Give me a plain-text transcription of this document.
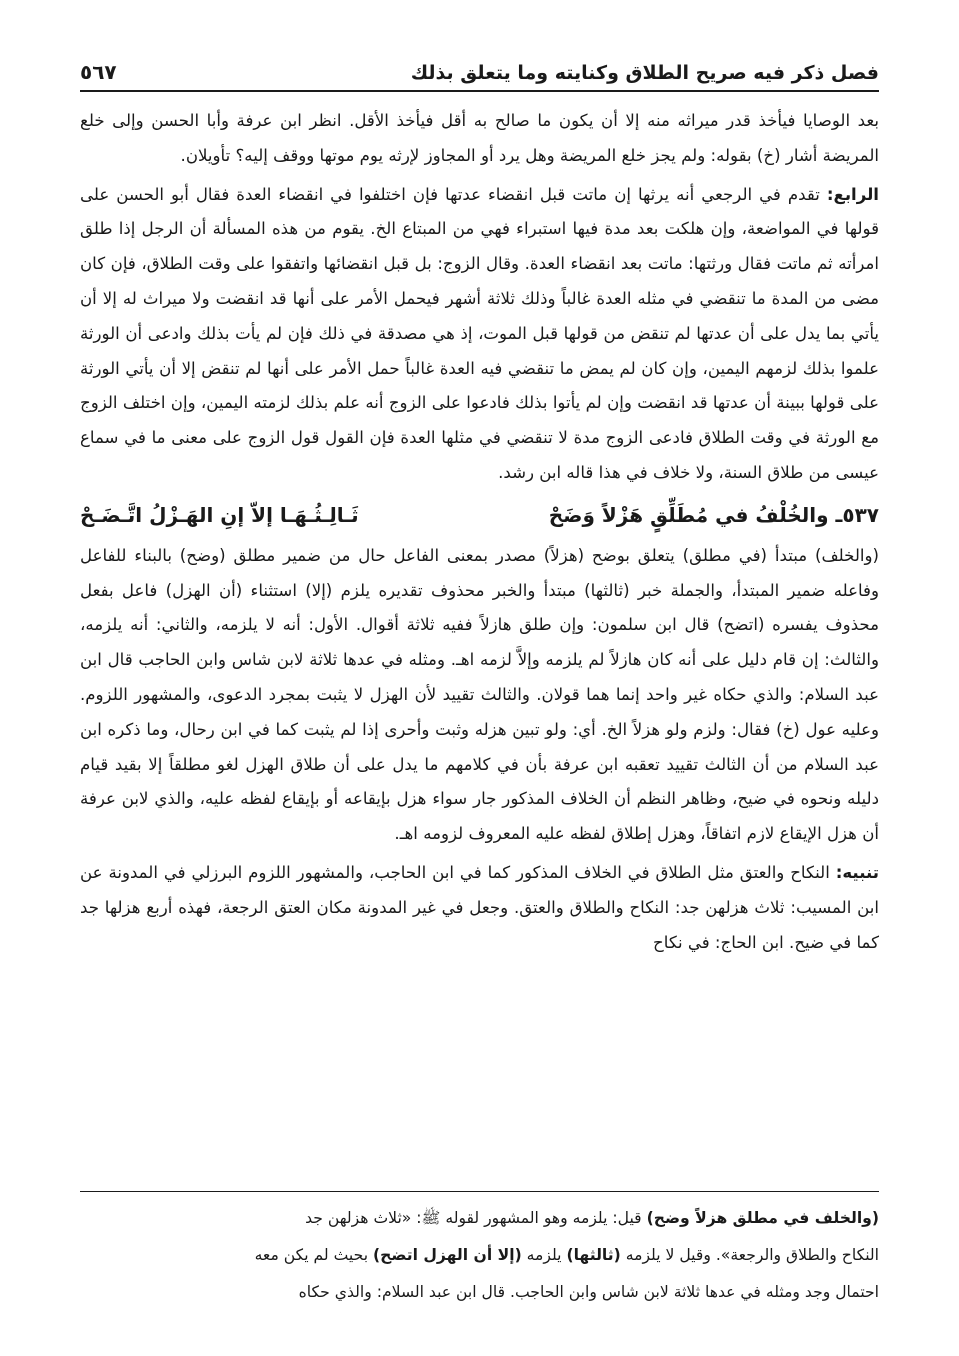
فصل ذكر فيه صريح الطلاق وكنايته وما يتعلق بذلك
٥٦٧

بعد الوصايا فيأخذ قدر ميراثه منه إلا أن يكون ما صالح به أقل فيأخذ الأقل. انظر ابن عرفة وأبا الحسن وإلى خلع المريضة أشار (خ) بقوله: ولم يجز خلع المريضة وهل يرد أو المجاوز لإرثه يوم موتها ووقف إليه؟ تأويلان.

الرابع: تقدم في الرجعي أنه يرثها إن ماتت قبل انقضاء عدتها فإن اختلفوا في انقضاء العدة فقال أبو الحسن على قولها في المواضعة، وإن هلكت بعد مدة فيها استبراء فهي من المبتاع الخ. يقوم من هذه المسألة أن الرجل إذا طلق امرأته ثم ماتت فقال ورثتها: ماتت بعد انقضاء العدة. وقال الزوج: بل قبل انقضائها واتفقوا على وقت الطلاق، فإن كان مضى من المدة ما تنقضي في مثله العدة غالباً وذلك ثلاثة أشهر فيحمل الأمر على أنها قد انقضت ولا ميراث له إلا أن يأتي بما يدل على أن عدتها لم تنقض من قولها قبل الموت، إذ هي مصدقة في ذلك فإن لم يأت بذلك وادعى أن الورثة علموا بذلك لزمهم اليمين، وإن كان لم يمض ما تنقضي فيه العدة غالباً حمل الأمر على أنها لم تنقض إلا أن يأتي الورثة على قولها ببينة أن عدتها قد انقضت وإن لم يأتوا بذلك فادعوا على الزوج أنه علم بذلك لزمته اليمين، وإن اختلف الزوج مع الورثة في وقت الطلاق فادعى الزوج مدة لا تنقضي في مثلها العدة فإن القول قول الزوج على معنى ما في سماع عيسى من طلاق السنة، ولا خلاف في هذا قاله ابن رشد.

٥٣٧ـ والخُلْفُ في مُطَلِّقٍ هَزْلاً وَضَحْ
ثَـالِـثُـهَـا إلاّ إنِ الهَـزْلُ اتَّـضَـحْ

(والخلف) مبتدأ (في مطلق) يتعلق بوضح (هزلاً) مصدر بمعنى الفاعل حال من ضمير مطلق (وضح) بالبناء للفاعل وفاعله ضمير المبتدأ، والجملة خبر (ثالثها) مبتدأ والخبر محذوف تقديره يلزم (إلا) استثناء (أن الهزل) فاعل بفعل محذوف يفسره (اتضح) قال ابن سلمون: وإن طلق هازلاً ففيه ثلاثة أقوال. الأول: أنه لا يلزمه، والثاني: أنه يلزمه، والثالث: إن قام دليل على أنه كان هازلاً لم يلزمه وإلاَّ لزمه اهـ. ومثله في عدها ثلاثة لابن شاس وابن الحاجب قال ابن عبد السلام: والذي حكاه غير واحد إنما هما قولان. والثالث تقييد لأن الهزل لا يثبت بمجرد الدعوى، والمشهور اللزوم. وعليه عول (خ) فقال: ولزم ولو هزلاً الخ. أي: ولو تبين هزله وثبت وأحرى إذا لم يثبت كما في ابن رحال، وما ذكره ابن عبد السلام من أن الثالث تقييد تعقبه ابن عرفة بأن في كلامهم ما يدل على أن طلاق الهزل لغو مطلقاً إلا بقيد قيام دليله ونحوه في ضيح، وظاهر النظم أن الخلاف المذكور جار سواء هزل بإيقاعه أو بإيقاع لفظه عليه، والذي لابن عرفة أن هزل الإيقاع لازم اتفاقاً، وهزل إطلاق لفظه عليه المعروف لزومه اهـ.

تنبيه: النكاح والعتق مثل الطلاق في الخلاف المذكور كما في ابن الحاجب، والمشهور اللزوم البرزلي في المدونة عن ابن المسيب: ثلاث هزلهن جد: النكاح والطلاق والعتق. وجعل في غير المدونة مكان العتق الرجعة، فهذه أربع هزلها جد كما في ضيح. ابن الحاج: في نكاح

(والخلف في مطلق هزلاً وضح) قيل: يلزمه وهو المشهور لقوله ﷺ: «ثلاث هزلهن جد
النكاح والطلاق والرجعة». وقيل لا يلزمه (ثالثها) يلزمه (إلا أن الهزل اتضح) بحيث لم يكن معه
احتمال وجد ومثله في عدها ثلاثة لابن شاس وابن الحاجب. قال ابن عبد السلام: والذي حكاه
